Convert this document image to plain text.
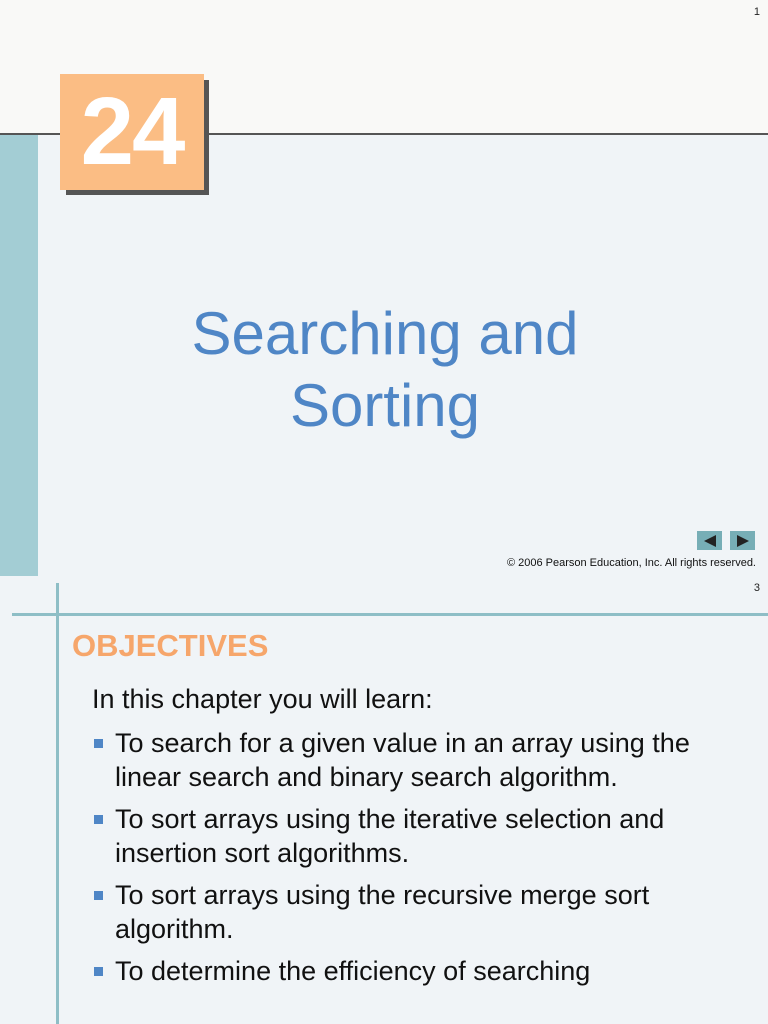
1
24
Searching and
Sorting
© 2006 Pearson Education, Inc. All rights reserved.
3
OBJECTIVES
In this chapter you will learn:
To search for a given value in an array using the linear search and binary search algorithm.
To sort arrays using the iterative selection and insertion sort algorithms.
To sort arrays using the recursive merge sort algorithm.
To determine the efficiency of searching
